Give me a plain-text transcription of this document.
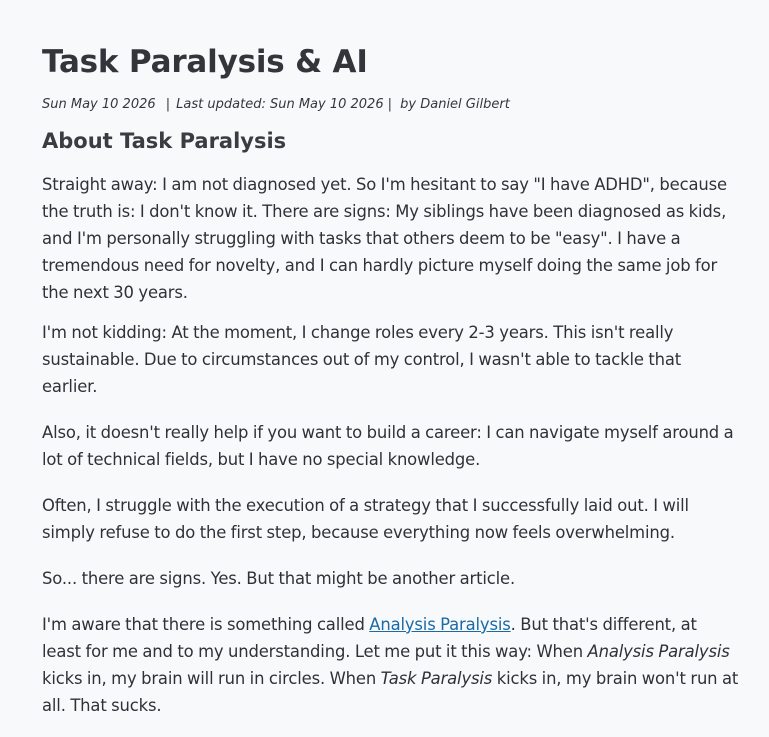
Task Paralysis & AI
Sun May 10 2026 | Last updated: Sun May 10 2026 | by Daniel Gilbert
About Task Paralysis

Straight away: I am not diagnosed yet. So I'm hesitant to say "I have ADHD", because the truth is: I don't know it. There are signs: My siblings have been diagnosed as kids, and I'm personally struggling with tasks that others deem to be "easy". I have a tremendous need for novelty, and I can hardly picture myself doing the same job for the next 30 years.

I'm not kidding: At the moment, I change roles every 2-3 years. This isn't really sustainable. Due to circumstances out of my control, I wasn't able to tackle that earlier.

Also, it doesn't really help if you want to build a career: I can navigate myself around a lot of technical fields, but I have no special knowledge.

Often, I struggle with the execution of a strategy that I successfully laid out. I will simply refuse to do the first step, because everything now feels overwhelming.

So... there are signs. Yes. But that might be another article.

I'm aware that there is something called Analysis Paralysis. But that's different, at least for me and to my understanding. Let me put it this way: When Analysis Paralysis kicks in, my brain will run in circles. When Task Paralysis kicks in, my brain won't run at all. That sucks.
